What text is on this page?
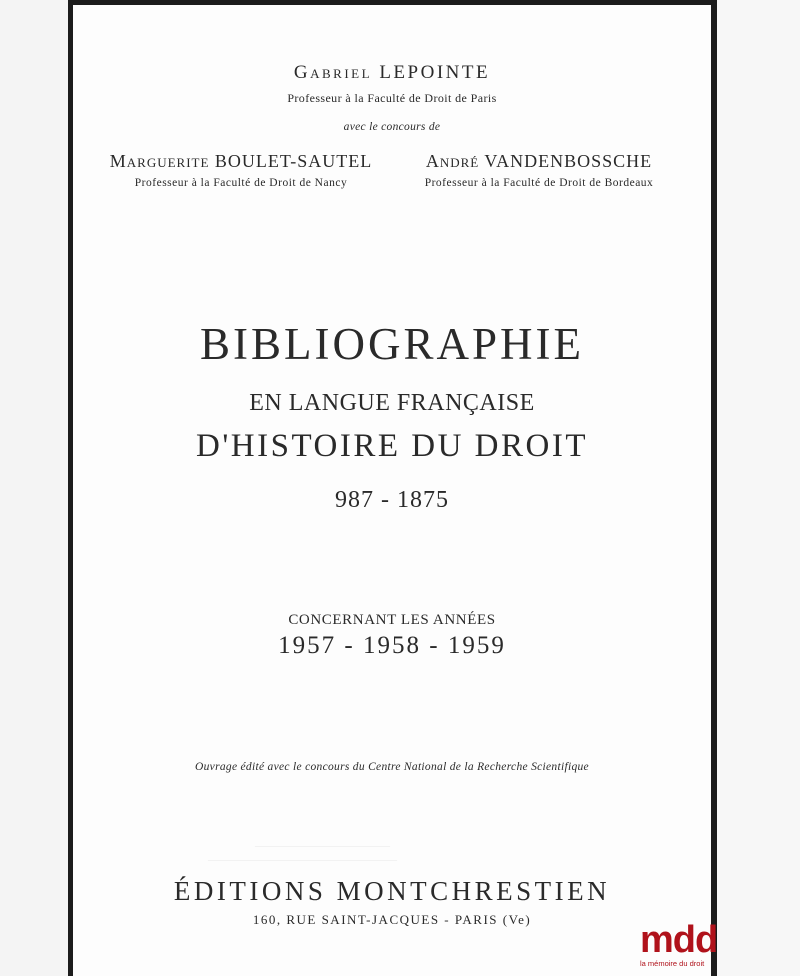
Gabriel LEPOINTE
Professeur à la Faculté de Droit de Paris
avec le concours de
Marguerite BOULET-SAUTEL
Professeur à la Faculté de Droit de Nancy
André VANDENBOSSCHE
Professeur à la Faculté de Droit de Bordeaux
BIBLIOGRAPHIE
EN LANGUE FRANÇAISE
D'HISTOIRE DU DROIT
987 - 1875
CONCERNANT LES ANNÉES
1957 - 1958 - 1959
Ouvrage édité avec le concours du Centre National de la Recherche Scientifique
———————————————
—————————————————————
ÉDITIONS MONTCHRESTIEN
160, RUE SAINT-JACQUES - PARIS (Ve)	mdd
la mémoire du droit
